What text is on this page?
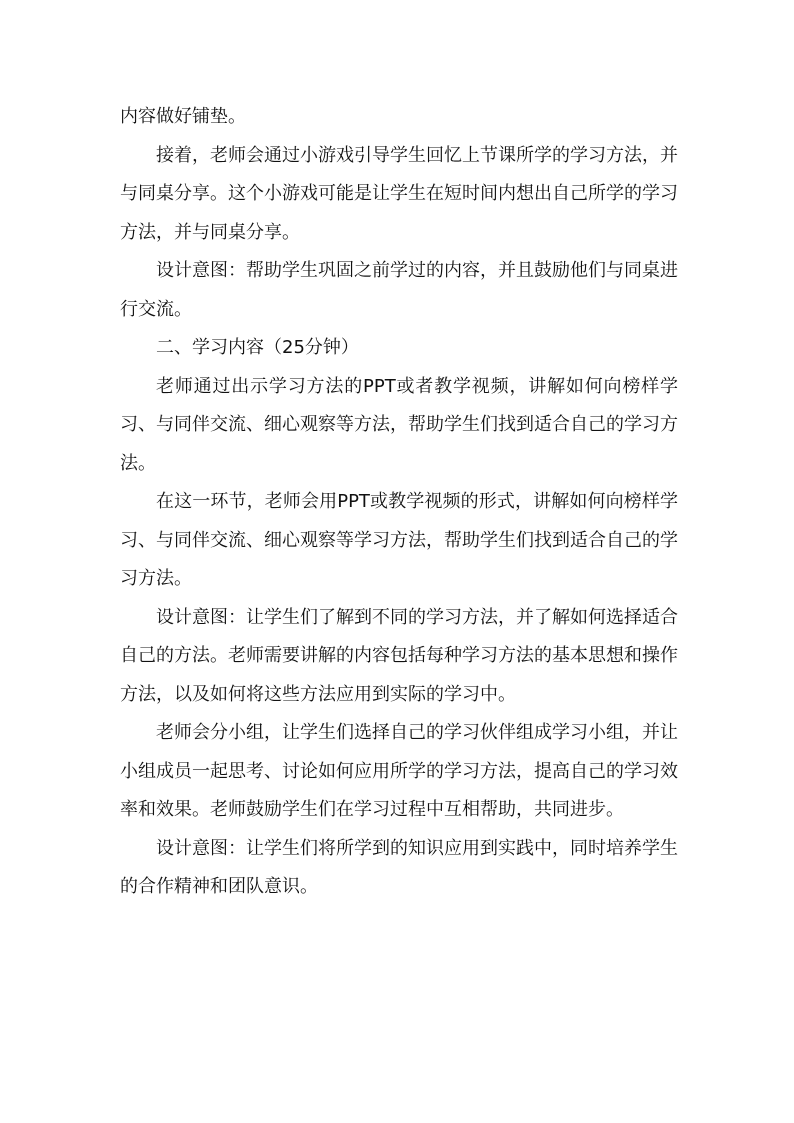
内容做好铺垫。

接着，老师会通过小游戏引导学生回忆上节课所学的学习方法，并与同桌分享。这个小游戏可能是让学生在短时间内想出自己所学的学习方法，并与同桌分享。

设计意图：帮助学生巩固之前学过的内容，并且鼓励他们与同桌进行交流。

二、学习内容（25分钟）

老师通过出示学习方法的PPT或者教学视频，讲解如何向榜样学习、与同伴交流、细心观察等方法，帮助学生们找到适合自己的学习方法。

在这一环节，老师会用PPT或教学视频的形式，讲解如何向榜样学习、与同伴交流、细心观察等学习方法，帮助学生们找到适合自己的学习方法。

设计意图：让学生们了解到不同的学习方法，并了解如何选择适合自己的方法。老师需要讲解的内容包括每种学习方法的基本思想和操作方法，以及如何将这些方法应用到实际的学习中。

老师会分小组，让学生们选择自己的学习伙伴组成学习小组，并让小组成员一起思考、讨论如何应用所学的学习方法，提高自己的学习效率和效果。老师鼓励学生们在学习过程中互相帮助，共同进步。

设计意图：让学生们将所学到的知识应用到实践中，同时培养学生的合作精神和团队意识。
